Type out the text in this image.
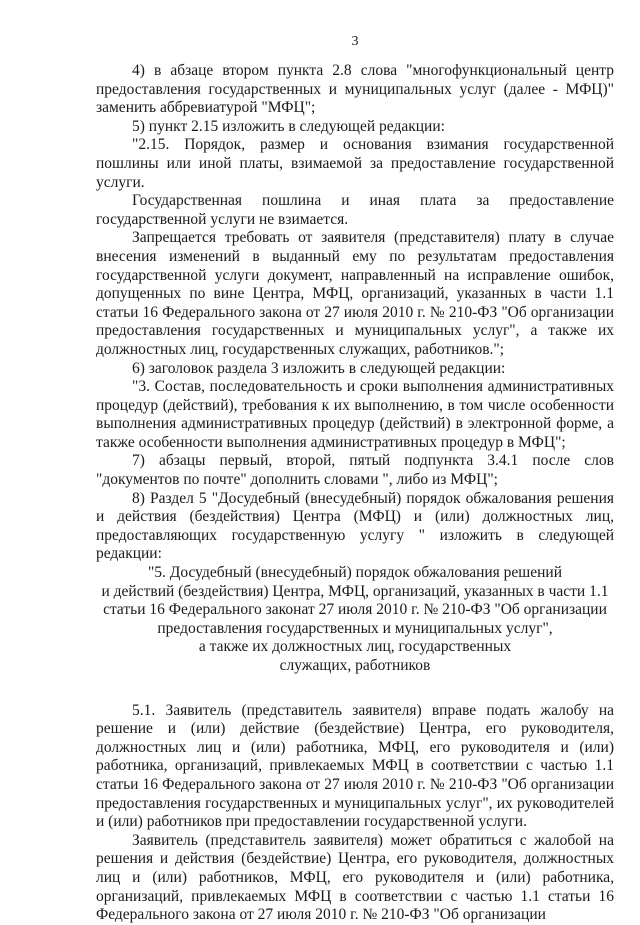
3

4) в абзаце втором пункта 2.8 слова "многофункциональный центр предоставления государственных и муниципальных услуг (далее - МФЦ)" заменить аббревиатурой "МФЦ";

5) пункт 2.15 изложить в следующей редакции:

"2.15. Порядок, размер и основания взимания государственной пошлины или иной платы, взимаемой за предоставление государственной услуги.

Государственная пошлина и иная плата за предоставление государственной услуги не взимается.

Запрещается требовать от заявителя (представителя) плату в случае внесения изменений в выданный ему по результатам предоставления государственной услуги документ, направленный на исправление ошибок, допущенных по вине Центра, МФЦ, организаций, указанных в части 1.1 статьи 16 Федерального закона от 27 июля 2010 г. № 210-ФЗ "Об организации предоставления государственных и муниципальных услуг", а также их должностных лиц, государственных служащих, работников.";

6) заголовок раздела 3 изложить в следующей редакции:

"3. Состав, последовательность и сроки выполнения административных процедур (действий), требования к их выполнению, в том числе особенности выполнения административных процедур (действий) в электронной форме, а также особенности выполнения административных процедур в МФЦ";

7) абзацы первый, второй, пятый подпункта 3.4.1 после слов "документов по почте" дополнить словами ", либо из МФЦ";

8) Раздел 5 "Досудебный (внесудебный) порядок обжалования решения и действия (бездействия) Центра (МФЦ) и (или) должностных лиц, предоставляющих государственную услугу " изложить в следующей редакции:

"5. Досудебный (внесудебный) порядок обжалования решений
и действий (бездействия) Центра, МФЦ, организаций, указанных в части 1.1
статьи 16 Федерального законат 27 июля 2010 г. № 210-ФЗ "Об организации
предоставления государственных и муниципальных услуг",
а также их должностных лиц, государственных
служащих, работников

5.1. Заявитель (представитель заявителя) вправе подать жалобу на решение и (или) действие (бездействие) Центра, его руководителя, должностных лиц и (или) работника, МФЦ, его руководителя и (или) работника, организаций, привлекаемых МФЦ в соответствии с частью 1.1 статьи 16 Федерального закона от 27 июля 2010 г. № 210-ФЗ "Об организации предоставления государственных и муниципальных услуг", их руководителей и (или) работников при предоставлении государственной услуги.

Заявитель (представитель заявителя) может обратиться с жалобой на решения и действия (бездействие) Центра, его руководителя, должностных лиц и (или) работников, МФЦ, его руководителя и (или) работника, организаций, привлекаемых МФЦ в соответствии с частью 1.1 статьи 16 Федерального закона от 27 июля 2010 г. № 210-ФЗ "Об организации
